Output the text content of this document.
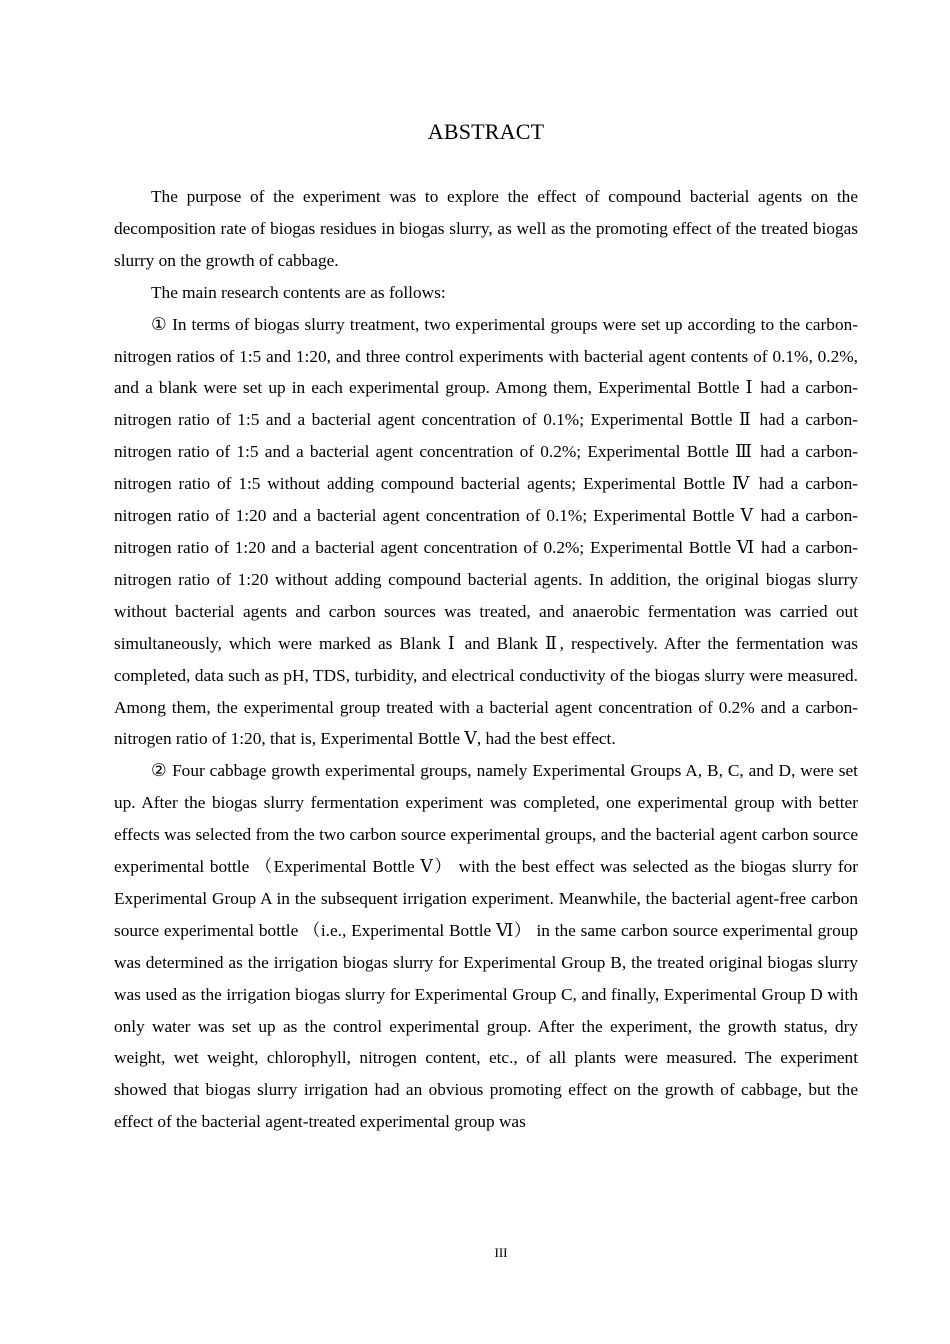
ABSTRACT

The purpose of the experiment was to explore the effect of compound bacterial agents on the decomposition rate of biogas residues in biogas slurry, as well as the promoting effect of the treated biogas slurry on the growth of cabbage.

The main research contents are as follows:

① In terms of biogas slurry treatment, two experimental groups were set up according to the carbon-nitrogen ratios of 1:5 and 1:20, and three control experiments with bacterial agent contents of 0.1%, 0.2%, and a blank were set up in each experimental group. Among them, Experimental Bottle Ⅰ had a carbon-nitrogen ratio of 1:5 and a bacterial agent concentration of 0.1%; Experimental Bottle Ⅱ had a carbon-nitrogen ratio of 1:5 and a bacterial agent concentration of 0.2%; Experimental Bottle Ⅲ had a carbon-nitrogen ratio of 1:5 without adding compound bacterial agents; Experimental Bottle Ⅳ had a carbon-nitrogen ratio of 1:20 and a bacterial agent concentration of 0.1%; Experimental Bottle Ⅴ had a carbon-nitrogen ratio of 1:20 and a bacterial agent concentration of 0.2%; Experimental Bottle Ⅵ had a carbon-nitrogen ratio of 1:20 without adding compound bacterial agents. In addition, the original biogas slurry without bacterial agents and carbon sources was treated, and anaerobic fermentation was carried out simultaneously, which were marked as Blank Ⅰ and Blank Ⅱ, respectively. After the fermentation was completed, data such as pH, TDS, turbidity, and electrical conductivity of the biogas slurry were measured. Among them, the experimental group treated with a bacterial agent concentration of 0.2% and a carbon-nitrogen ratio of 1:20, that is, Experimental Bottle Ⅴ, had the best effect.

② Four cabbage growth experimental groups, namely Experimental Groups A, B, C, and D, were set up. After the biogas slurry fermentation experiment was completed, one experimental group with better effects was selected from the two carbon source experimental groups, and the bacterial agent carbon source experimental bottle （Experimental Bottle Ⅴ） with the best effect was selected as the biogas slurry for Experimental Group A in the subsequent irrigation experiment. Meanwhile, the bacterial agent-free carbon source experimental bottle （i.e., Experimental Bottle Ⅵ） in the same carbon source experimental group was determined as the irrigation biogas slurry for Experimental Group B, the treated original biogas slurry was used as the irrigation biogas slurry for Experimental Group C, and finally, Experimental Group D with only water was set up as the control experimental group. After the experiment, the growth status, dry weight, wet weight, chlorophyll, nitrogen content, etc., of all plants were measured. The experiment showed that biogas slurry irrigation had an obvious promoting effect on the growth of cabbage, but the effect of the bacterial agent-treated experimental group was

III
